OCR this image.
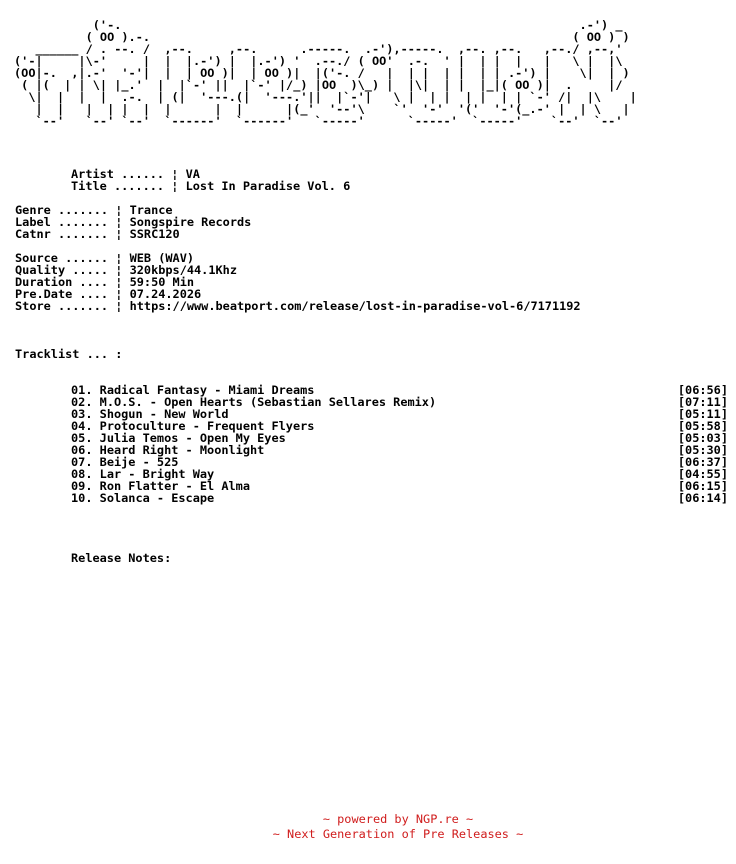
('-.                                                                .-') _
( OO ).-.                                                           ( OO ) )
______ / . --. /  ,--.     ,--.      .-----.  .-'),-----.  ,--. ,--.   ,--./ ,--,'
('-|     |\-'     |  |  |.-') |  |.-') '  .--./ ( OO'  .-.  ' |  | |  |   |   \ |  |\
(OO|-.  ,|.-'  '-'|  |  | OO )|  | OO )|  |('-. /   |  | |  | |  | | .-') |    \|  | )
( |(  | | \| |_.'  |  |`-' ||  |`-' |/_) |OO  )\_) |  |\|  | |  |_|( OO )|  .     |/
\|  |  |  |  .-.  | (|  '---.(|  '---.'||  |`-'|   \ |  | |  | |  | | `-' /|  |\    |
|  |   |  | |  |  |      |  |      |(_'  '--'\    `'  '-'  '('  '-'(_.-' |  | \   |
`--'   `--' `--'  `------'  `------'   `-----'      `-----'  `-----'    `--'  `--'
Artist ...... ¦ VA
Title ....... ¦ Lost In Paradise Vol. 6
Genre ....... ¦ Trance
Label ....... ¦ Songspire Records
Catnr ....... ¦ SSRC120
Source ...... ¦ WEB (WAV)
Quality ..... ¦ 320kbps/44.1Khz
Duration .... ¦ 59:50 Min
Pre.Date .... ¦ 07.24.2026
Store ....... ¦ https://www.beatport.com/release/lost-in-paradise-vol-6/7171192
Tracklist ... :
01. Radical Fantasy - Miami Dreams	[06:56]
02. M.O.S. - Open Hearts (Sebastian Sellares Remix)	[07:11]
03. Shogun - New World	[05:11]
04. Protoculture - Frequent Flyers	[05:58]
05. Julia Temos - Open My Eyes	[05:03]
06. Heard Right - Moonlight	[05:30]
07. Beije - 525	[06:37]
08. Lar - Bright Way	[04:55]
09. Ron Flatter - El Alma	[06:15]
10. Solanca - Escape	[06:14]
Release Notes:
~ powered by NGP.re ~
~ Next Generation of Pre Releases ~
